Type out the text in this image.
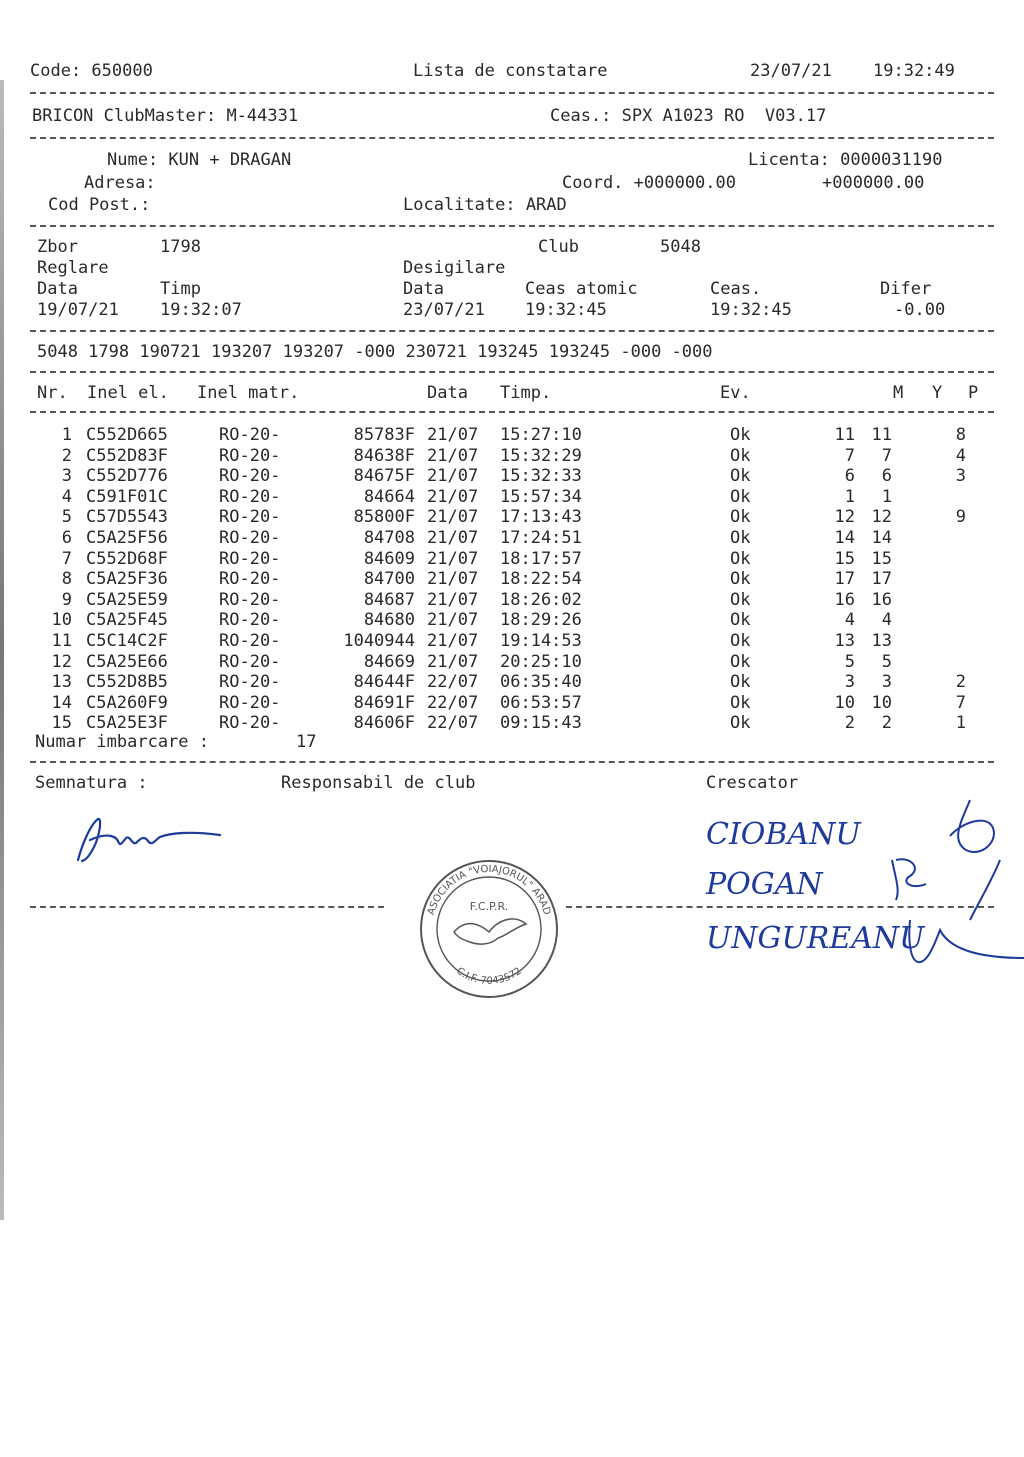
Code: 650000	Lista de constatare	23/07/21 19:32:49
BRICON ClubMaster: M-44331	Ceas.: SPX A1023 RO  V03.17
Nume: KUN + DRAGAN	Licenta: 0000031190
Adresa:	Coord. +000000.00	+000000.00
Cod Post.:	Localitate: ARAD
Zbor	1798	Club	5048
Reglare	Desigilare
Data	Timp	Data	Ceas atomic	Ceas.	Difer
19/07/21 19:32:07	23/07/21 19:32:45	19:32:45	-0.00
5048 1798 190721 193207 193207 -000 230721 193245 193245 -000 -000
Nr. Inel el. Inel matr.	Data Timp.	Ev.	M Y P
1 C552D665	RO-20-	85783F 21/07 15:27:10	Ok	11 11	8
2 C552D83F	RO-20-	84638F 21/07 15:32:29	Ok	7 7	4
3 C552D776	RO-20-	84675F 21/07 15:32:33	Ok	6 6	3
4 C591F01C	RO-20-	84664 21/07 15:57:34	Ok	1 1
5 C57D5543	RO-20-	85800F 21/07 17:13:43	Ok	12 12	9
6 C5A25F56	RO-20-	84708 21/07 17:24:51	Ok	14 14
7 C552D68F	RO-20-	84609 21/07 18:17:57	Ok	15 15
8 C5A25F36	RO-20-	84700 21/07 18:22:54	Ok	17 17
9 C5A25E59	RO-20-	84687 21/07 18:26:02	Ok	16 16
10 C5A25F45	RO-20-	84680 21/07 18:29:26	Ok	4 4
11 C5C14C2F	RO-20-	1040944 21/07 19:14:53	Ok	13 13
12 C5A25E66	RO-20-	84669 21/07 20:25:10	Ok	5 5
13 C552D8B5	RO-20-	84644F 22/07 06:35:40	Ok	3 3	2
14 C5A260F9	RO-20-	84691F 22/07 06:53:57	Ok	10 10	7
15 C5A25E3F	RO-20-	84606F 22/07 09:15:43	Ok	2 2	1
Numar imbarcare :	17
Semnatura :	Responsabil de club	Crescator
CIOBANU
POGAN
UNGUREANU
ASOCIATIA "VOIAJORUL" ARAD
F.C.P.R.
C.I.F. 7043572
